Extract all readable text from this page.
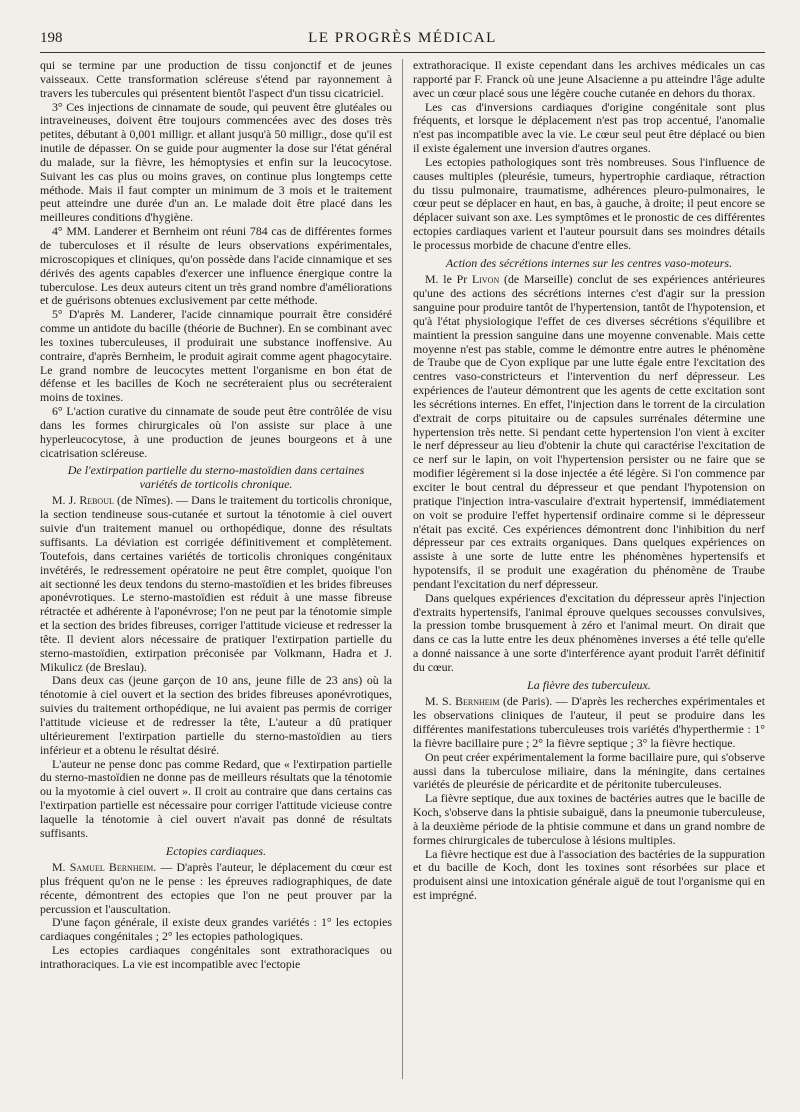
198	LE PROGRÈS MÉDICAL

qui se termine par une production de tissu conjonctif et de jeunes vaisseaux. Cette transformation scléreuse s'étend par rayonnement à travers les tubercules qui présentent bientôt l'aspect d'un tissu cicatriciel.

3° Ces injections de cinnamate de soude, qui peuvent être glutéales ou intraveineuses, doivent être toujours commencées avec des doses très petites, débutant à 0,001 milligr. et allant jusqu'à 50 milligr., dose qu'il est inutile de dépasser. On se guide pour augmenter la dose sur l'état général du malade, sur la fièvre, les hémoptysies et enfin sur la leucocytose. Suivant les cas plus ou moins graves, on continue plus longtemps cette méthode. Mais il faut compter un minimum de 3 mois et le traitement peut atteindre une durée d'un an. Le malade doit être placé dans les meilleures conditions d'hygiène.

4° MM. Landerer et Bernheim ont réuni 784 cas de différentes formes de tuberculoses et il résulte de leurs observations expérimentales, microscopiques et cliniques, qu'on possède dans l'acide cinnamique et ses dérivés des agents capables d'exercer une influence énergique contre la tuberculose. Les deux auteurs citent un très grand nombre d'améliorations et de guérisons obtenues exclusivement par cette méthode.

5° D'après M. Landerer, l'acide cinnamique pourrait être considéré comme un antidote du bacille (théorie de Buchner). En se combinant avec les toxines tuberculeuses, il produirait une substance inoffensive. Au contraire, d'après Bernheim, le produit agirait comme agent phagocytaire. Le grand nombre de leucocytes mettent l'organisme en bon état de défense et les bacilles de Koch ne secréteraient plus ou secréteraient moins de toxines.

6° L'action curative du cinnamate de soude peut être contrôlée de visu dans les formes chirurgicales où l'on assiste sur place à une hyperleucocytose, à une production de jeunes bourgeons et à une cicatrisation scléreuse.

De l'extirpation partielle du sterno-mastoïdien dans certaines variétés de torticolis chronique.

M. J. Reboul (de Nîmes). — Dans le traitement du torticolis chronique, la section tendineuse sous-cutanée et surtout la ténotomie à ciel ouvert suivie d'un traitement manuel ou orthopédique, donne des résultats suffisants. La déviation est corrigée définitivement et complètement. Toutefois, dans certaines variétés de torticolis chroniques congénitaux invétérés, le redressement opératoire ne peut être complet, quoique l'on ait sectionné les deux tendons du sterno-mastoïdien et les brides fibreuses aponévrotiques. Le sterno-mastoïdien est réduit à une masse fibreuse rétractée et adhérente à l'aponévrose; l'on ne peut par la ténotomie simple et la section des brides fibreuses, corriger l'attitude vicieuse et redresser la tête. Il devient alors nécessaire de pratiquer l'extirpation partielle du sterno-mastoïdien, extirpation préconisée par Volkmann, Hadra et J. Mikulicz (de Breslau).

Dans deux cas (jeune garçon de 10 ans, jeune fille de 23 ans) où la ténotomie à ciel ouvert et la section des brides fibreuses aponévrotiques, suivies du traitement orthopédique, ne lui avaient pas permis de corriger l'attitude vicieuse et de redresser la tête, L'auteur a dû pratiquer ultérieurement l'extirpation partielle du sterno-mastoïdien au tiers inférieur et a obtenu le résultat désiré.

L'auteur ne pense donc pas comme Redard, que « l'extirpation partielle du sterno-mastoïdien ne donne pas de meilleurs résultats que la ténotomie ou la myotomie à ciel ouvert ». Il croit au contraire que dans certains cas l'extirpation partielle est nécessaire pour corriger l'attitude vicieuse contre laquelle la ténotomie à ciel ouvert n'avait pas donné de résultats suffisants.

Ectopies cardiaques.

M. Samuel Bernheim. — D'après l'auteur, le déplacement du cœur est plus fréquent qu'on ne le pense : les épreuves radiographiques, de date récente, démontrent des ectopies que l'on ne peut prouver par la percussion et l'auscultation.

D'une façon générale, il existe deux grandes variétés : 1° les ectopies cardiaques congénitales ; 2° les ectopies pathologiques.

Les ectopies cardiaques congénitales sont extrathoraciques ou intrathoraciques. La vie est incompatible avec l'ectopie

extrathoracique. Il existe cependant dans les archives médicales un cas rapporté par F. Franck où une jeune Alsacienne a pu atteindre l'âge adulte avec un cœur placé sous une légère couche cutanée en dehors du thorax.

Les cas d'inversions cardiaques d'origine congénitale sont plus fréquents, et lorsque le déplacement n'est pas trop accentué, l'anomalie n'est pas incompatible avec la vie. Le cœur seul peut être déplacé ou bien il existe également une inversion d'autres organes.

Les ectopies pathologiques sont très nombreuses. Sous l'influence de causes multiples (pleurésie, tumeurs, hypertrophie cardiaque, rétraction du tissu pulmonaire, traumatisme, adhérences pleuro-pulmonaires, le cœur peut se déplacer en haut, en bas, à gauche, à droite; il peut encore se déplacer suivant son axe. Les symptômes et le pronostic de ces différentes ectopies cardiaques varient et l'auteur poursuit dans ses moindres détails le processus morbide de chacune d'entre elles.

Action des sécrétions internes sur les centres vaso-moteurs.

M. le Pr Livon (de Marseille) conclut de ses expériences antérieures qu'une des actions des sécrétions internes c'est d'agir sur la pression sanguine pour produire tantôt de l'hypertension, tantôt de l'hypotension, et qu'à l'état physiologique l'effet de ces diverses sécrétions s'équilibre et maintient la pression sanguine dans une moyenne convenable. Mais cette moyenne n'est pas stable, comme le démontre entre autres le phénomène de Traube que de Cyon explique par une lutte égale entre l'excitation des centres vaso-constricteurs et l'intervention du nerf dépresseur. Les expériences de l'auteur démontrent que les agents de cette excitation sont les sécrétions internes. En effet, l'injection dans le torrent de la circulation d'extrait de corps pituitaire ou de capsules surrénales détermine une hypertension très nette. Si pendant cette hypertension l'on vient à exciter le nerf dépresseur au lieu d'obtenir la chute qui caractérise l'excitation de ce nerf sur le lapin, on voit l'hypertension persister ou ne faire que se modifier légèrement si la dose injectée a été légère. Si l'on commence par exciter le bout central du dépresseur et que pendant l'hypotension on pratique l'injection intra-vasculaire d'extrait hypertensif, immédiatement on voit se produire l'effet hypertensif ordinaire comme si le dépresseur n'était pas excité. Ces expériences démontrent donc l'inhibition du nerf dépresseur par ces extraits organiques. Dans quelques expériences on assiste à une sorte de lutte entre les phénomènes hypertensifs et hypotensifs, il se produit une exagération du phénomène de Traube pendant l'excitation du nerf dépresseur.

Dans quelques expériences d'excitation du dépresseur après l'injection d'extraits hypertensifs, l'animal éprouve quelques secousses convulsives, la pression tombe brusquement à zéro et l'animal meurt. On dirait que dans ce cas la lutte entre les deux phénomènes inverses a été telle qu'elle a donné naissance à une sorte d'interférence ayant produit l'arrêt définitif du cœur.

La fièvre des tuberculeux.

M. S. Bernheim (de Paris). — D'après les recherches expérimentales et les observations cliniques de l'auteur, il peut se produire dans les différentes manifestations tuberculeuses trois variétés d'hyperthermie : 1° la fièvre bacillaire pure ; 2° la fièvre septique ; 3° la fièvre hectique.

On peut créer expérimentalement la forme bacillaire pure, qui s'observe aussi dans la tuberculose miliaire, dans la méningite, dans certaines variétés de pleurésie de péricardite et de péritonite tuberculeuses.

La fièvre septique, due aux toxines de bactéries autres que le bacille de Koch, s'observe dans la phtisie subaiguë, dans la pneumonie tuberculeuse, à la deuxième période de la phtisie commune et dans un grand nombre de formes chirurgicales de tuberculose à lésions multiples.

La fièvre hectique est due à l'association des bactéries de la suppuration et du bacille de Koch, dont les toxines sont résorbées sur place et produisent ainsi une intoxication générale aiguë de tout l'organisme qui en est imprégné.
